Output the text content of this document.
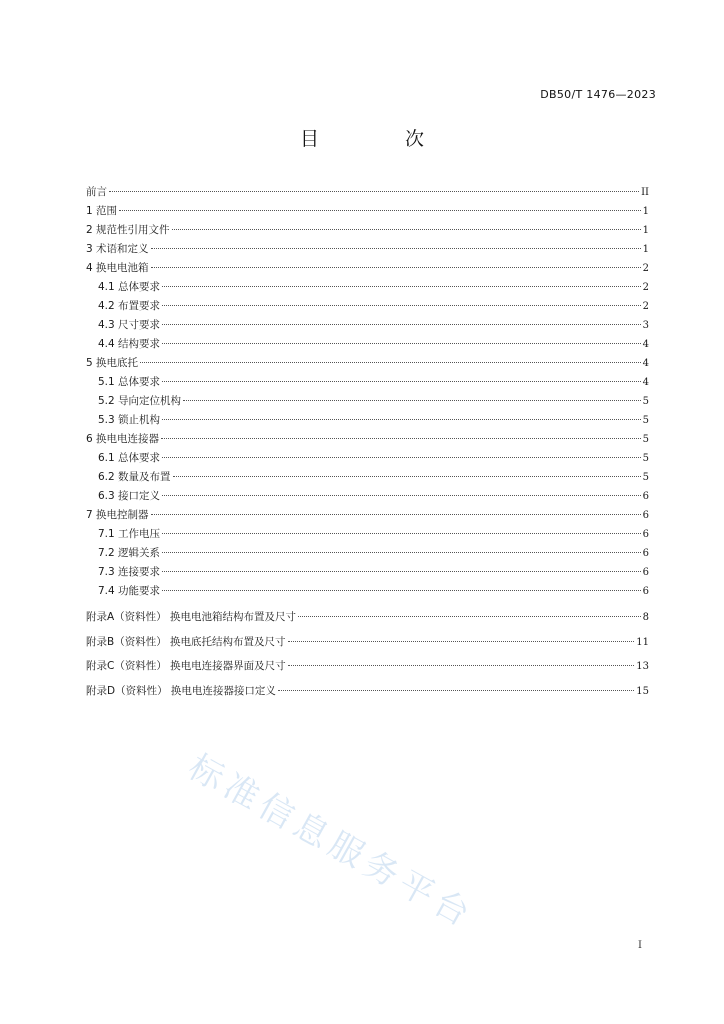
DB50/T 1476—2023
目 次
前言	II
1 范围	1
2 规范性引用文件	1
3 术语和定义	1
4 换电电池箱	2
4.1 总体要求	2
4.2 布置要求	2
4.3 尺寸要求	3
4.4 结构要求	4
5 换电底托	4
5.1 总体要求	4
5.2 导向定位机构	5
5.3 锁止机构	5
6 换电电连接器	5
6.1 总体要求	5
6.2 数量及布置	5
6.3 接口定义	6
7 换电控制器	6
7.1 工作电压	6
7.2 逻辑关系	6
7.3 连接要求	6
7.4 功能要求	6
附录A（资料性） 换电电池箱结构布置及尺寸	8
附录B（资料性） 换电底托结构布置及尺寸	11
附录C（资料性） 换电电连接器界面及尺寸	13
附录D（资料性） 换电电连接器接口定义	15
标准信息服务平台
I
